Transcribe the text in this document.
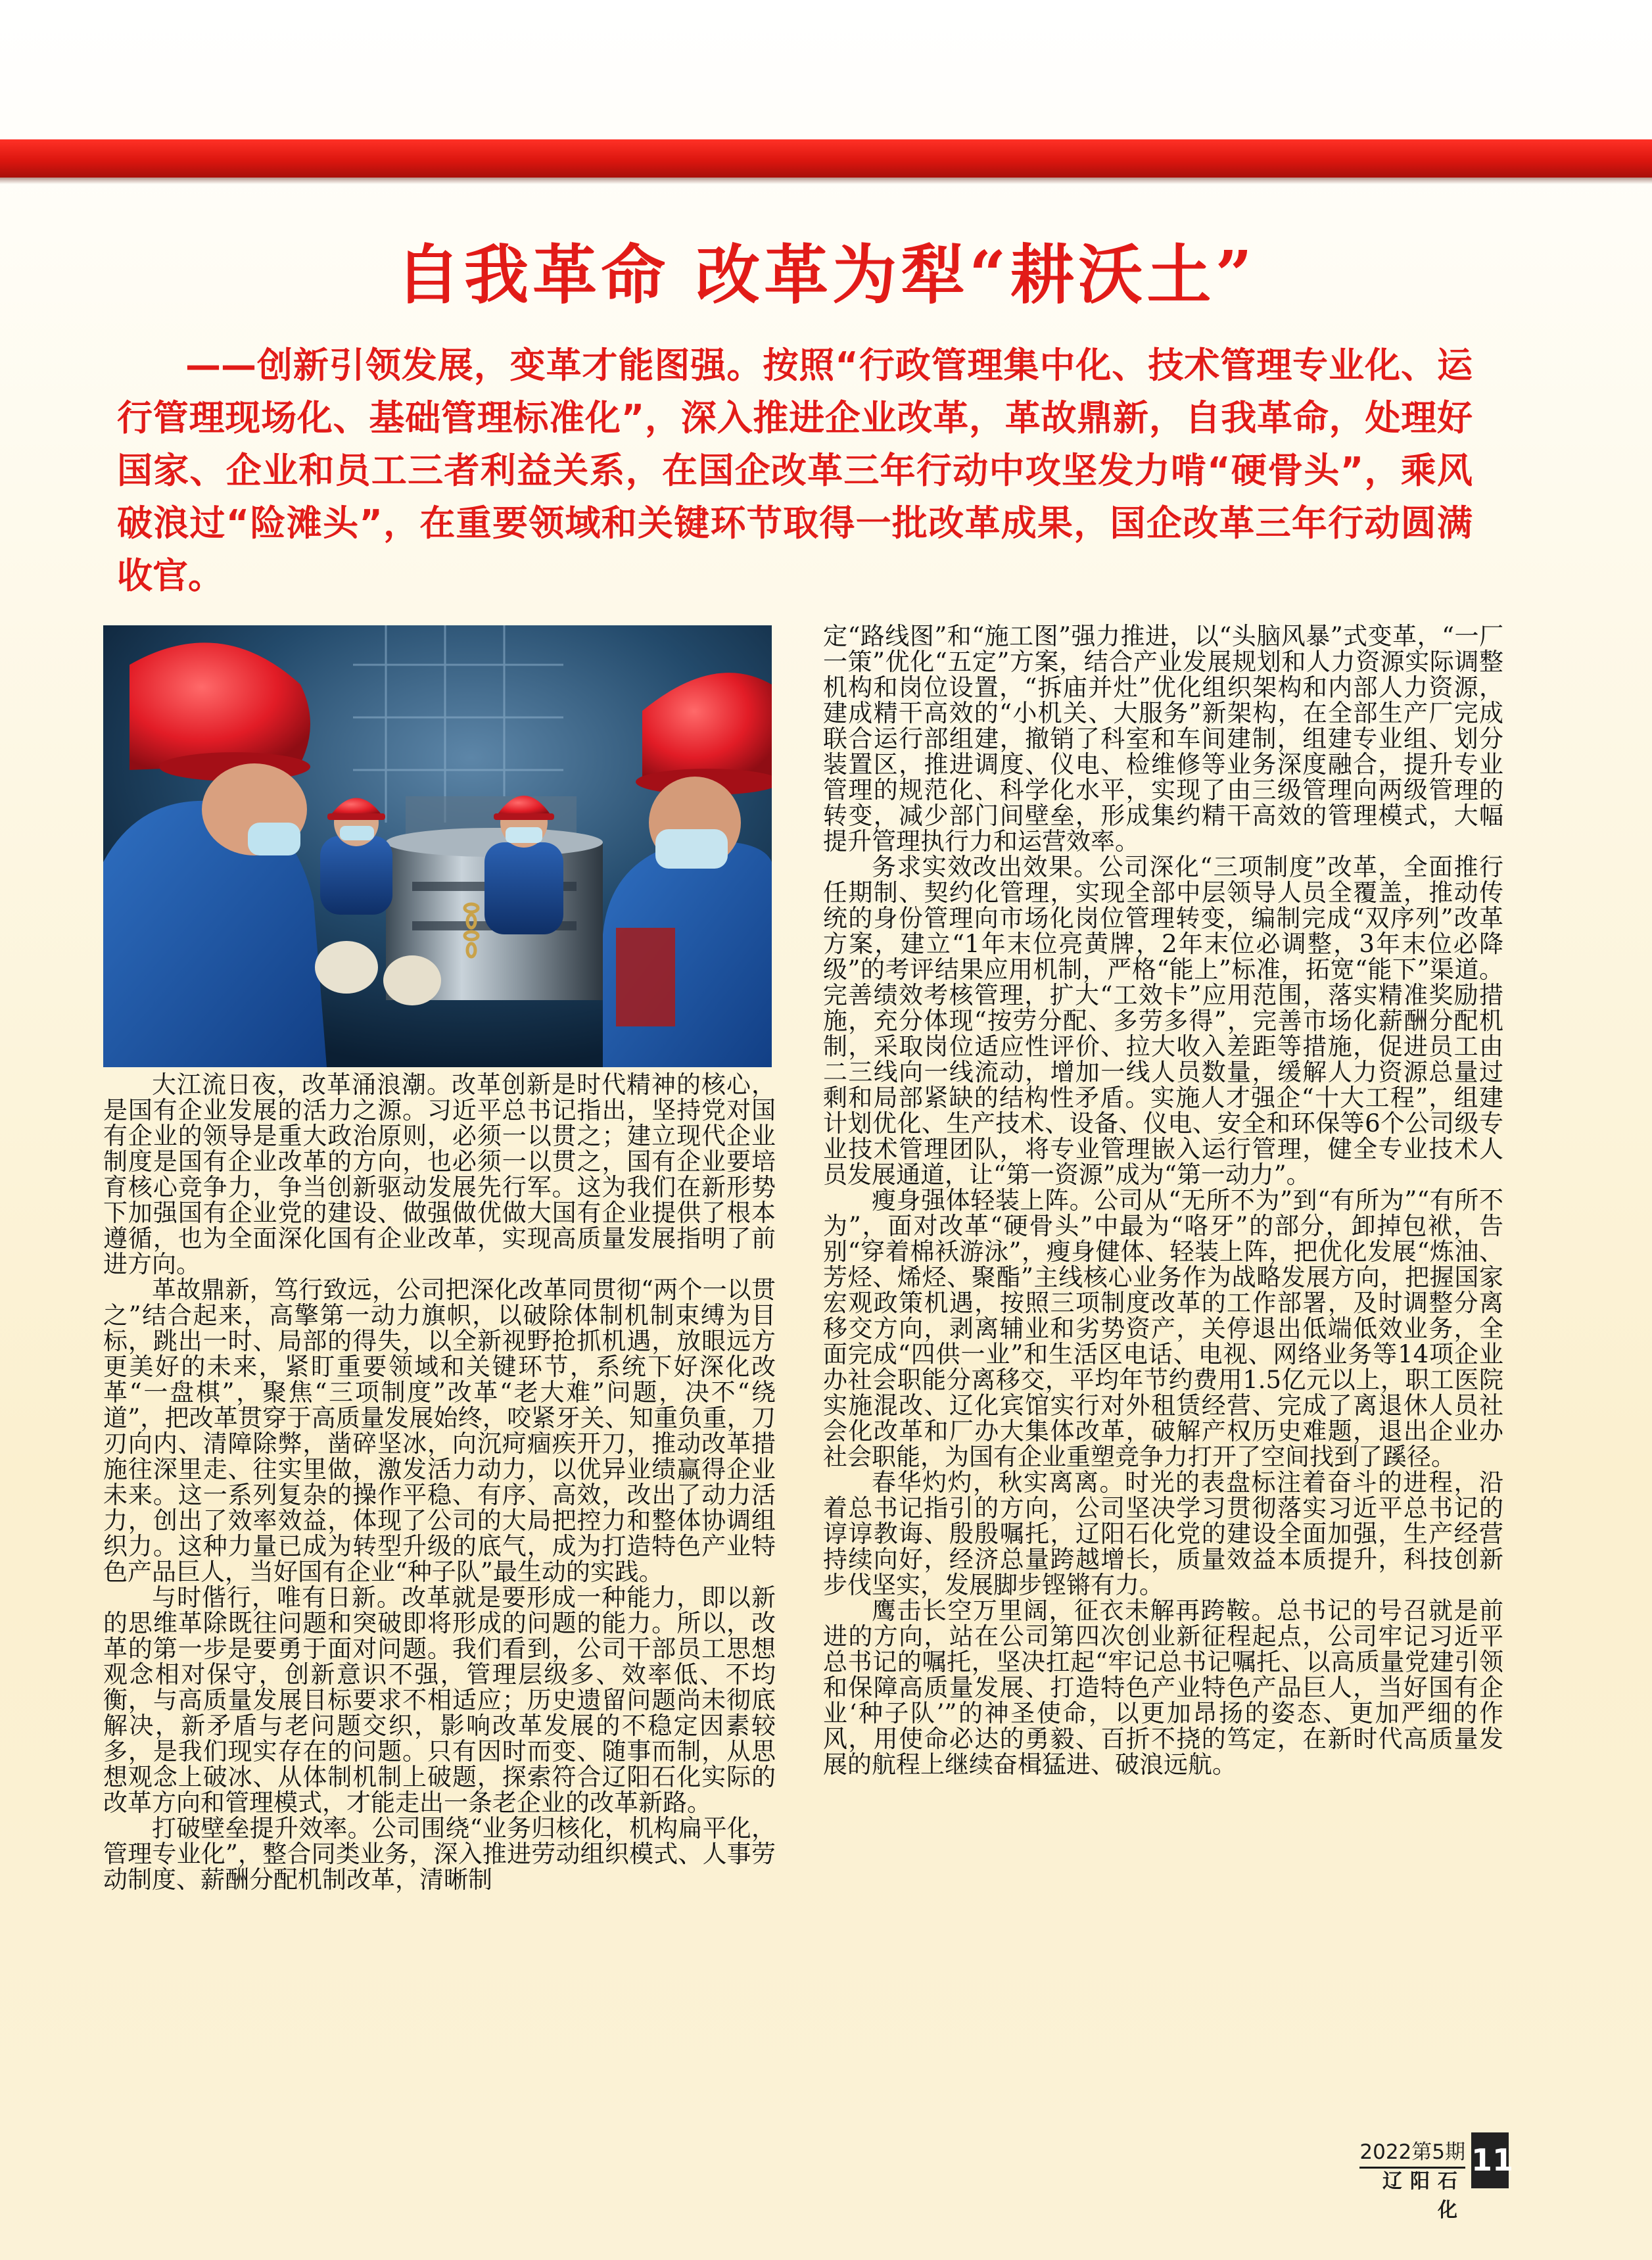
自我革命 改革为犁“耕沃土”

——创新引领发展，变革才能图强。按照“行政管理集中化、技术管理专业化、运行管理现场化、基础管理标准化”，深入推进企业改革，革故鼎新，自我革命，处理好国家、企业和员工三者利益关系，在国企改革三年行动中攻坚发力啃“硬骨头”，乘风破浪过“险滩头”，在重要领域和关键环节取得一批改革成果，国企改革三年行动圆满收官。

大江流日夜，改革涌浪潮。改革创新是时代精神的核心，是国有企业发展的活力之源。习近平总书记指出，坚持党对国有企业的领导是重大政治原则，必须一以贯之；建立现代企业制度是国有企业改革的方向，也必须一以贯之，国有企业要培育核心竞争力，争当创新驱动发展先行军。这为我们在新形势下加强国有企业党的建设、做强做优做大国有企业提供了根本遵循，也为全面深化国有企业改革，实现高质量发展指明了前进方向。

革故鼎新，笃行致远，公司把深化改革同贯彻“两个一以贯之”结合起来，高擎第一动力旗帜，以破除体制机制束缚为目标，跳出一时、局部的得失，以全新视野抢抓机遇，放眼远方更美好的未来，紧盯重要领域和关键环节，系统下好深化改革“一盘棋”，聚焦“三项制度”改革“老大难”问题，决不“绕道”，把改革贯穿于高质量发展始终，咬紧牙关、知重负重，刀刃向内、清障除弊，凿碎坚冰，向沉疴痼疾开刀，推动改革措施往深里走、往实里做，激发活力动力，以优异业绩赢得企业未来。这一系列复杂的操作平稳、有序、高效，改出了动力活力，创出了效率效益，体现了公司的大局把控力和整体协调组织力。这种力量已成为转型升级的底气，成为打造特色产业特色产品巨人，当好国有企业“种子队”最生动的实践。

与时偕行，唯有日新。改革就是要形成一种能力，即以新的思维革除既往问题和突破即将形成的问题的能力。所以，改革的第一步是要勇于面对问题。我们看到，公司干部员工思想观念相对保守，创新意识不强，管理层级多、效率低、不均衡，与高质量发展目标要求不相适应；历史遗留问题尚未彻底解决，新矛盾与老问题交织，影响改革发展的不稳定因素较多，是我们现实存在的问题。只有因时而变、随事而制，从思想观念上破冰、从体制机制上破题，探索符合辽阳石化实际的改革方向和管理模式，才能走出一条老企业的改革新路。

打破壁垒提升效率。公司围绕“业务归核化，机构扁平化，管理专业化”，整合同类业务，深入推进劳动组织模式、人事劳动制度、薪酬分配机制改革，清晰制

定“路线图”和“施工图”强力推进，以“头脑风暴”式变革，“一厂一策”优化“五定”方案，结合产业发展规划和人力资源实际调整机构和岗位设置，“拆庙并灶”优化组织架构和内部人力资源，建成精干高效的“小机关、大服务”新架构，在全部生产厂完成联合运行部组建，撤销了科室和车间建制，组建专业组、划分装置区，推进调度、仪电、检维修等业务深度融合，提升专业管理的规范化、科学化水平，实现了由三级管理向两级管理的转变，减少部门间壁垒，形成集约精干高效的管理模式，大幅提升管理执行力和运营效率。

务求实效改出效果。公司深化“三项制度”改革，全面推行任期制、契约化管理，实现全部中层领导人员全覆盖，推动传统的身份管理向市场化岗位管理转变，编制完成“双序列”改革方案，建立“1年末位亮黄牌，2年末位必调整，3年末位必降级”的考评结果应用机制，严格“能上”标准，拓宽“能下”渠道。完善绩效考核管理，扩大“工效卡”应用范围，落实精准奖励措施，充分体现“按劳分配、多劳多得”，完善市场化薪酬分配机制，采取岗位适应性评价、拉大收入差距等措施，促进员工由二三线向一线流动，增加一线人员数量，缓解人力资源总量过剩和局部紧缺的结构性矛盾。实施人才强企“十大工程”，组建计划优化、生产技术、设备、仪电、安全和环保等6个公司级专业技术管理团队，将专业管理嵌入运行管理，健全专业技术人员发展通道，让“第一资源”成为“第一动力”。

瘦身强体轻装上阵。公司从“无所不为”到“有所为”“有所不为”，面对改革“硬骨头”中最为“咯牙”的部分，卸掉包袱，告别“穿着棉袄游泳”，瘦身健体、轻装上阵，把优化发展“炼油、芳烃、烯烃、聚酯”主线核心业务作为战略发展方向，把握国家宏观政策机遇，按照三项制度改革的工作部署，及时调整分离移交方向，剥离辅业和劣势资产，关停退出低端低效业务，全面完成“四供一业”和生活区电话、电视、网络业务等14项企业办社会职能分离移交，平均年节约费用1.5亿元以上，职工医院实施混改、辽化宾馆实行对外租赁经营、完成了离退休人员社会化改革和厂办大集体改革，破解产权历史难题，退出企业办社会职能，为国有企业重塑竞争力打开了空间找到了蹊径。

春华灼灼，秋实离离。时光的表盘标注着奋斗的进程，沿着总书记指引的方向，公司坚决学习贯彻落实习近平总书记的谆谆教诲、殷殷嘱托，辽阳石化党的建设全面加强，生产经营持续向好，经济总量跨越增长，质量效益本质提升，科技创新步伐坚实，发展脚步铿锵有力。

鹰击长空万里阔，征衣未解再跨鞍。总书记的号召就是前进的方向，站在公司第四次创业新征程起点，公司牢记习近平总书记的嘱托，坚决扛起“牢记总书记嘱托、以高质量党建引领和保障高质量发展、打造特色产业特色产品巨人，当好国有企业‘种子队’”的神圣使命，以更加昂扬的姿态、更加严细的作风，用使命必达的勇毅、百折不挠的笃定，在新时代高质量发展的航程上继续奋楫猛进、破浪远航。

2022第5期
辽阳石化
11
